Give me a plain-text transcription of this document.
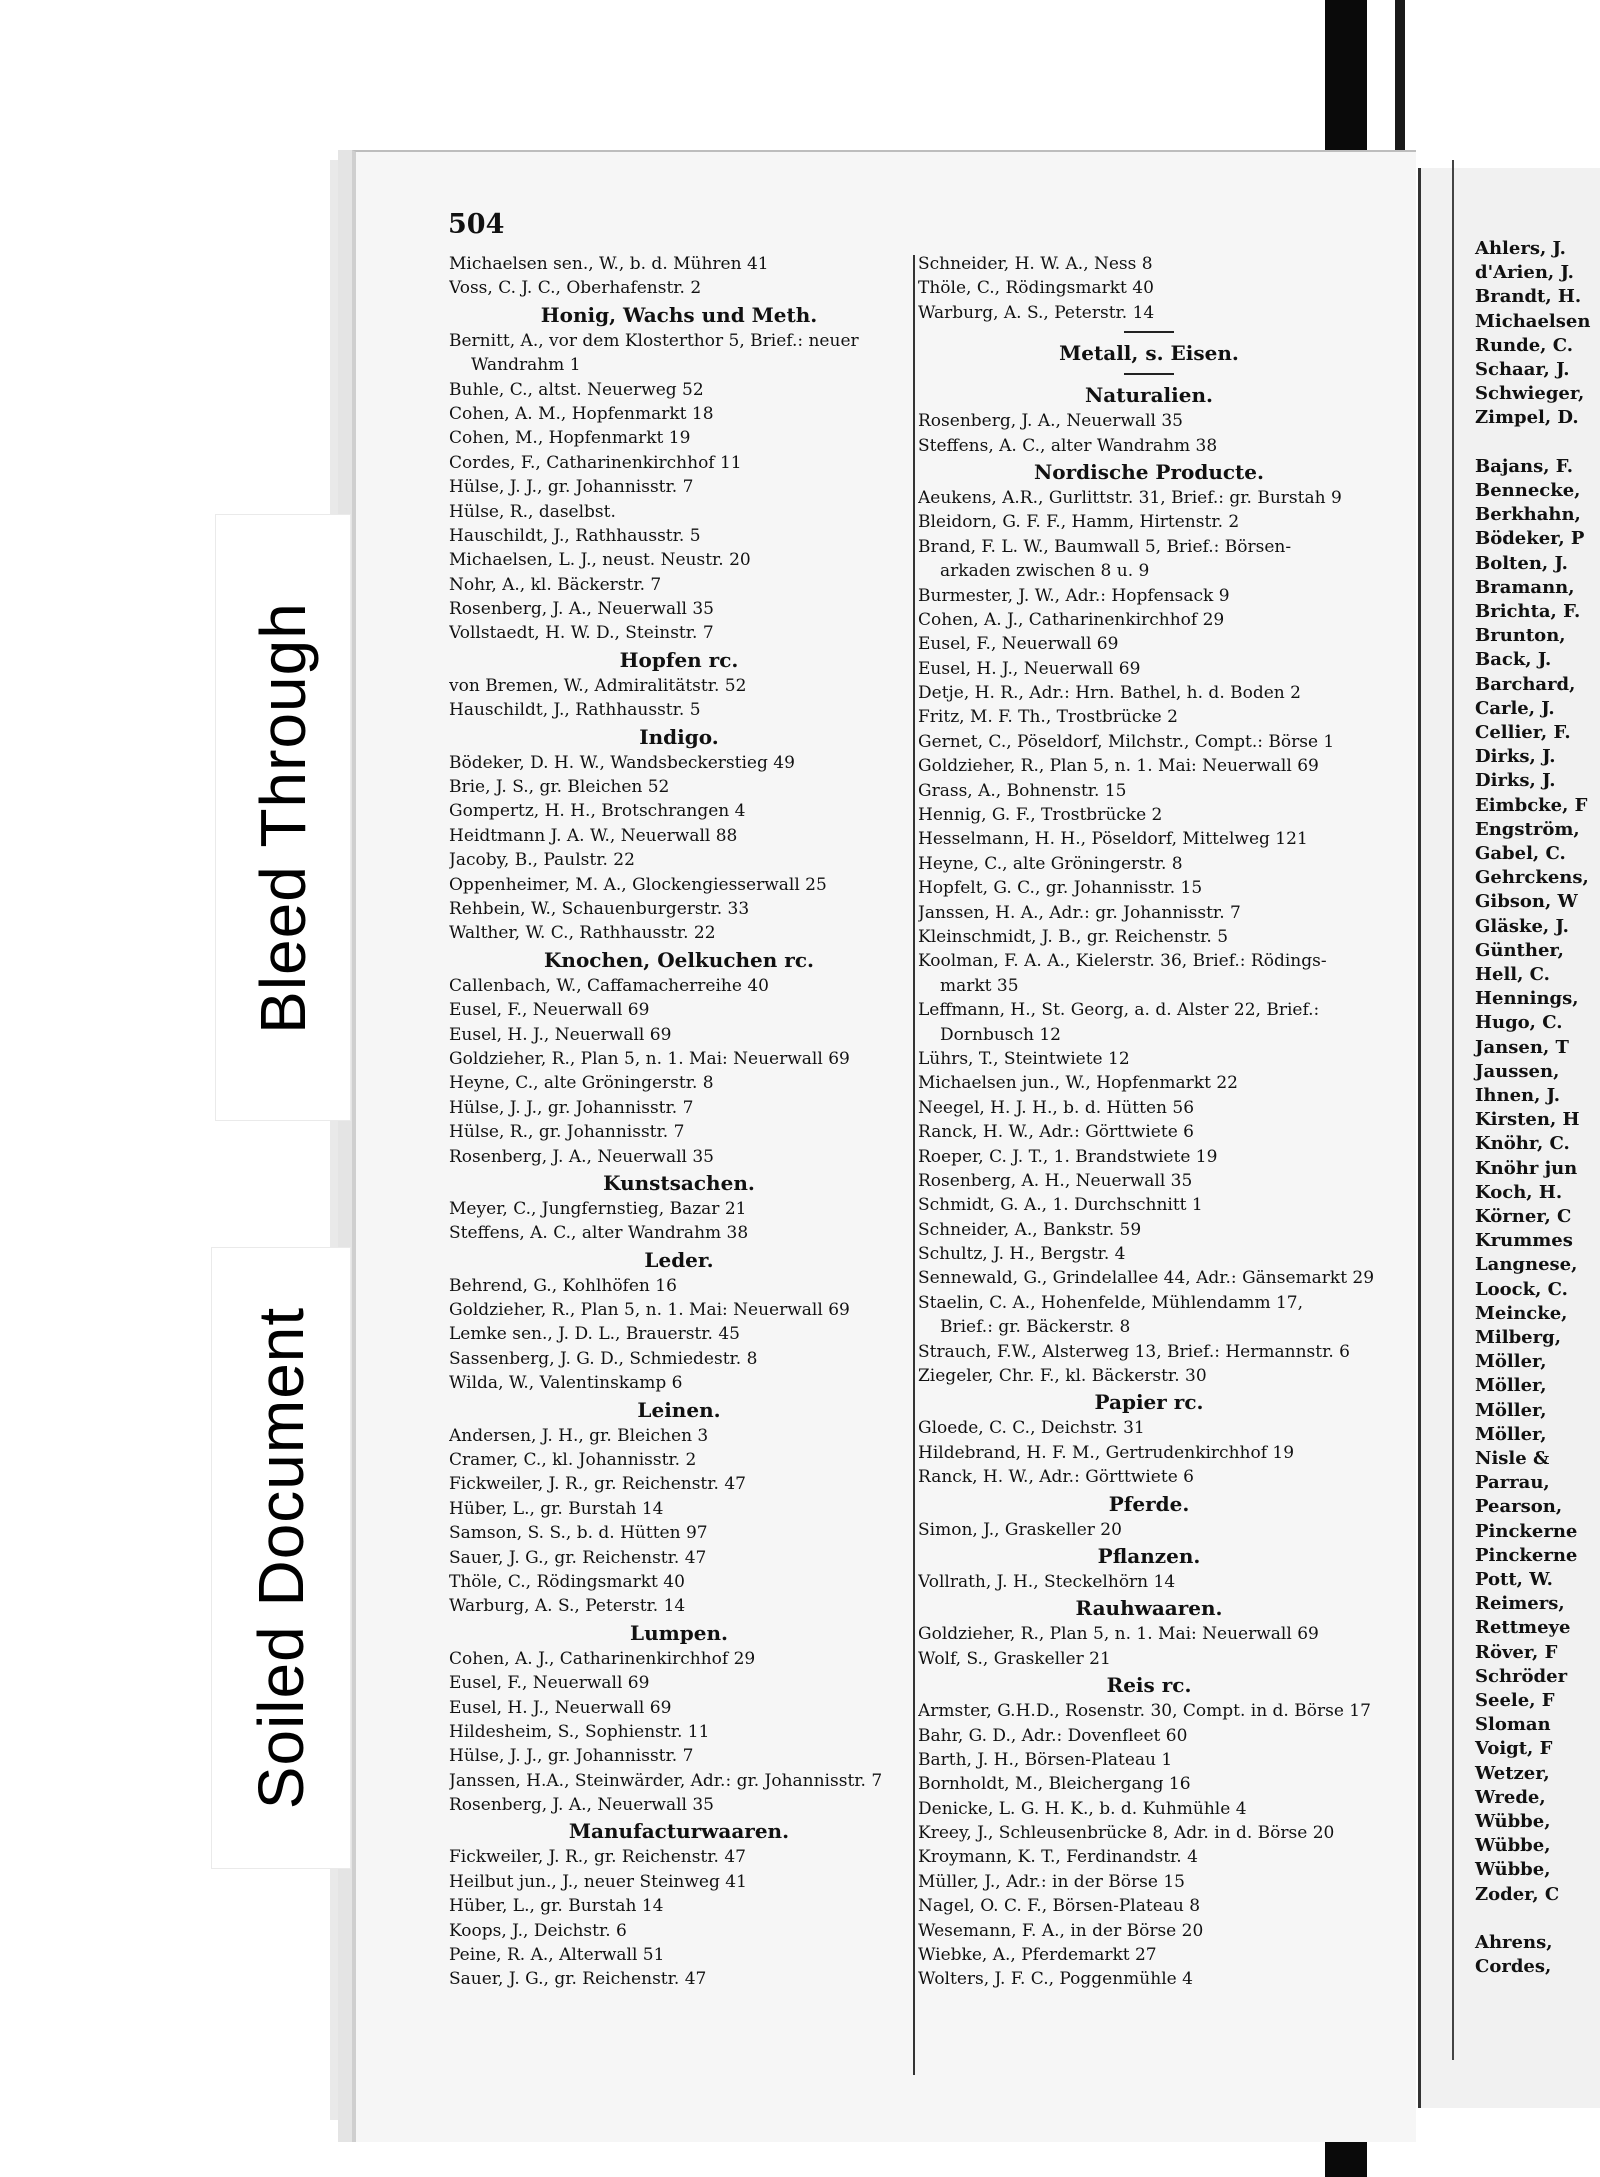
504
Michaelsen sen., W., b. d. Mühren 41
Voss, C. J. C., Oberhafenstr. 2
Honig, Wachs und Meth.
Bernitt, A., vor dem Klosterthor 5, Brief.: neuer
Wandrahm 1
Buhle, C., altst. Neuerweg 52
Cohen, A. M., Hopfenmarkt 18
Cohen, M., Hopfenmarkt 19
Cordes, F., Catharinenkirchhof 11
Hülse, J. J., gr. Johannisstr. 7
Hülse, R., daselbst.
Hauschildt, J., Rathhausstr. 5
Michaelsen, L. J., neust. Neustr. 20
Nohr, A., kl. Bäckerstr. 7
Rosenberg, J. A., Neuerwall 35
Vollstaedt, H. W. D., Steinstr. 7
Hopfen rc.
von Bremen, W., Admiralitätstr. 52
Hauschildt, J., Rathhausstr. 5
Indigo.
Bödeker, D. H. W., Wandsbeckerstieg 49
Brie, J. S., gr. Bleichen 52
Gompertz, H. H., Brotschrangen 4
Heidtmann J. A. W., Neuerwall 88
Jacoby, B., Paulstr. 22
Oppenheimer, M. A., Glockengiesserwall 25
Rehbein, W., Schauenburgerstr. 33
Walther, W. C., Rathhausstr. 22
Knochen, Oelkuchen rc.
Callenbach, W., Caffamacherreihe 40
Eusel, F., Neuerwall 69
Eusel, H. J., Neuerwall 69
Goldzieher, R., Plan 5, n. 1. Mai: Neuerwall 69
Heyne, C., alte Gröningerstr. 8
Hülse, J. J., gr. Johannisstr. 7
Hülse, R., gr. Johannisstr. 7
Rosenberg, J. A., Neuerwall 35
Kunstsachen.
Meyer, C., Jungfernstieg, Bazar 21
Steffens, A. C., alter Wandrahm 38
Leder.
Behrend, G., Kohlhöfen 16
Goldzieher, R., Plan 5, n. 1. Mai: Neuerwall 69
Lemke sen., J. D. L., Brauerstr. 45
Sassenberg, J. G. D., Schmiedestr. 8
Wilda, W., Valentinskamp 6
Leinen.
Andersen, J. H., gr. Bleichen 3
Cramer, C., kl. Johannisstr. 2
Fickweiler, J. R., gr. Reichenstr. 47
Hüber, L., gr. Burstah 14
Samson, S. S., b. d. Hütten 97
Sauer, J. G., gr. Reichenstr. 47
Thöle, C., Rödingsmarkt 40
Warburg, A. S., Peterstr. 14
Lumpen.
Cohen, A. J., Catharinenkirchhof 29
Eusel, F., Neuerwall 69
Eusel, H. J., Neuerwall 69
Hildesheim, S., Sophienstr. 11
Hülse, J. J., gr. Johannisstr. 7
Janssen, H.A., Steinwärder, Adr.: gr. Johannisstr. 7
Rosenberg, J. A., Neuerwall 35
Manufacturwaaren.
Fickweiler, J. R., gr. Reichenstr. 47
Heilbut jun., J., neuer Steinweg 41
Hüber, L., gr. Burstah 14
Koops, J., Deichstr. 6
Peine, R. A., Alterwall 51
Sauer, J. G., gr. Reichenstr. 47
Schneider, H. W. A., Ness 8
Thöle, C., Rödingsmarkt 40
Warburg, A. S., Peterstr. 14
Metall, s. Eisen.
Naturalien.
Rosenberg, J. A., Neuerwall 35
Steffens, A. C., alter Wandrahm 38
Nordische Producte.
Aeukens, A.R., Gurlittstr. 31, Brief.: gr. Burstah 9
Bleidorn, G. F. F., Hamm, Hirtenstr. 2
Brand, F. L. W., Baumwall 5, Brief.: Börsen-
arkaden zwischen 8 u. 9
Burmester, J. W., Adr.: Hopfensack 9
Cohen, A. J., Catharinenkirchhof 29
Eusel, F., Neuerwall 69
Eusel, H. J., Neuerwall 69
Detje, H. R., Adr.: Hrn. Bathel, h. d. Boden 2
Fritz, M. F. Th., Trostbrücke 2
Gernet, C., Pöseldorf, Milchstr., Compt.: Börse 1
Goldzieher, R., Plan 5, n. 1. Mai: Neuerwall 69
Grass, A., Bohnenstr. 15
Hennig, G. F., Trostbrücke 2
Hesselmann, H. H., Pöseldorf, Mittelweg 121
Heyne, C., alte Gröningerstr. 8
Hopfelt, G. C., gr. Johannisstr. 15
Janssen, H. A., Adr.: gr. Johannisstr. 7
Kleinschmidt, J. B., gr. Reichenstr. 5
Koolman, F. A. A., Kielerstr. 36, Brief.: Rödings-
markt 35
Leffmann, H., St. Georg, a. d. Alster 22, Brief.:
Dornbusch 12
Lührs, T., Steintwiete 12
Michaelsen jun., W., Hopfenmarkt 22
Neegel, H. J. H., b. d. Hütten 56
Ranck, H. W., Adr.: Görttwiete 6
Roeper, C. J. T., 1. Brandstwiete 19
Rosenberg, A. H., Neuerwall 35
Schmidt, G. A., 1. Durchschnitt 1
Schneider, A., Bankstr. 59
Schultz, J. H., Bergstr. 4
Sennewald, G., Grindelallee 44, Adr.: Gänsemarkt 29
Staelin, C. A., Hohenfelde, Mühlendamm 17,
Brief.: gr. Bäckerstr. 8
Strauch, F.W., Alsterweg 13, Brief.: Hermannstr. 6
Ziegeler, Chr. F., kl. Bäckerstr. 30
Papier rc.
Gloede, C. C., Deichstr. 31
Hildebrand, H. F. M., Gertrudenkirchhof 19
Ranck, H. W., Adr.: Görttwiete 6
Pferde.
Simon, J., Graskeller 20
Pflanzen.
Vollrath, J. H., Steckelhörn 14
Rauhwaaren.
Goldzieher, R., Plan 5, n. 1. Mai: Neuerwall 69
Wolf, S., Graskeller 21
Reis rc.
Armster, G.H.D., Rosenstr. 30, Compt. in d. Börse 17
Bahr, G. D., Adr.: Dovenfleet 60
Barth, J. H., Börsen-Plateau 1
Bornholdt, M., Bleichergang 16
Denicke, L. G. H. K., b. d. Kuhmühle 4
Kreey, J., Schleusenbrücke 8, Adr. in d. Börse 20
Kroymann, K. T., Ferdinandstr. 4
Müller, J., Adr.: in der Börse 15
Nagel, O. C. F., Börsen-Plateau 8
Wesemann, F. A., in der Börse 20
Wiebke, A., Pferdemarkt 27
Wolters, J. F. C., Poggenmühle 4
Ahlers, J.
d'Arien, J.
Brandt, H.
Michaelsen
Runde, C.
Schaar, J.
Schwieger,
Zimpel, D.
Bajans, F.
Bennecke,
Berkhahn,
Bödeker, P
Bolten, J.
Bramann,
Brichta, F.
Brunton,
Back, J.
Barchard,
Carle, J.
Cellier, F.
Dirks, J.
Dirks, J.
Eimbcke, F
Engström,
Gabel, C.
Gehrckens,
Gibson, W
Gläske, J.
Günther,
Hell, C.
Hennings,
Hugo, C.
Jansen, T
Jaussen,
Ihnen, J.
Kirsten, H
Knöhr, C.
Knöhr jun
Koch, H.
Körner, C
Krummes
Langnese,
Loock, C.
Meincke,
Milberg,
Möller,
Möller,
Möller,
Möller,
Nisle &
Parrau,
Pearson,
Pinckerne
Pinckerne
Pott, W.
Reimers,
Rettmeye
Röver, F
Schröder
Seele, F
Sloman
Voigt, F
Wetzer,
Wrede,
Wübbe,
Wübbe,
Wübbe,
Zoder, C
Ahrens,
Cordes,
Bleed Through
Soiled Document
